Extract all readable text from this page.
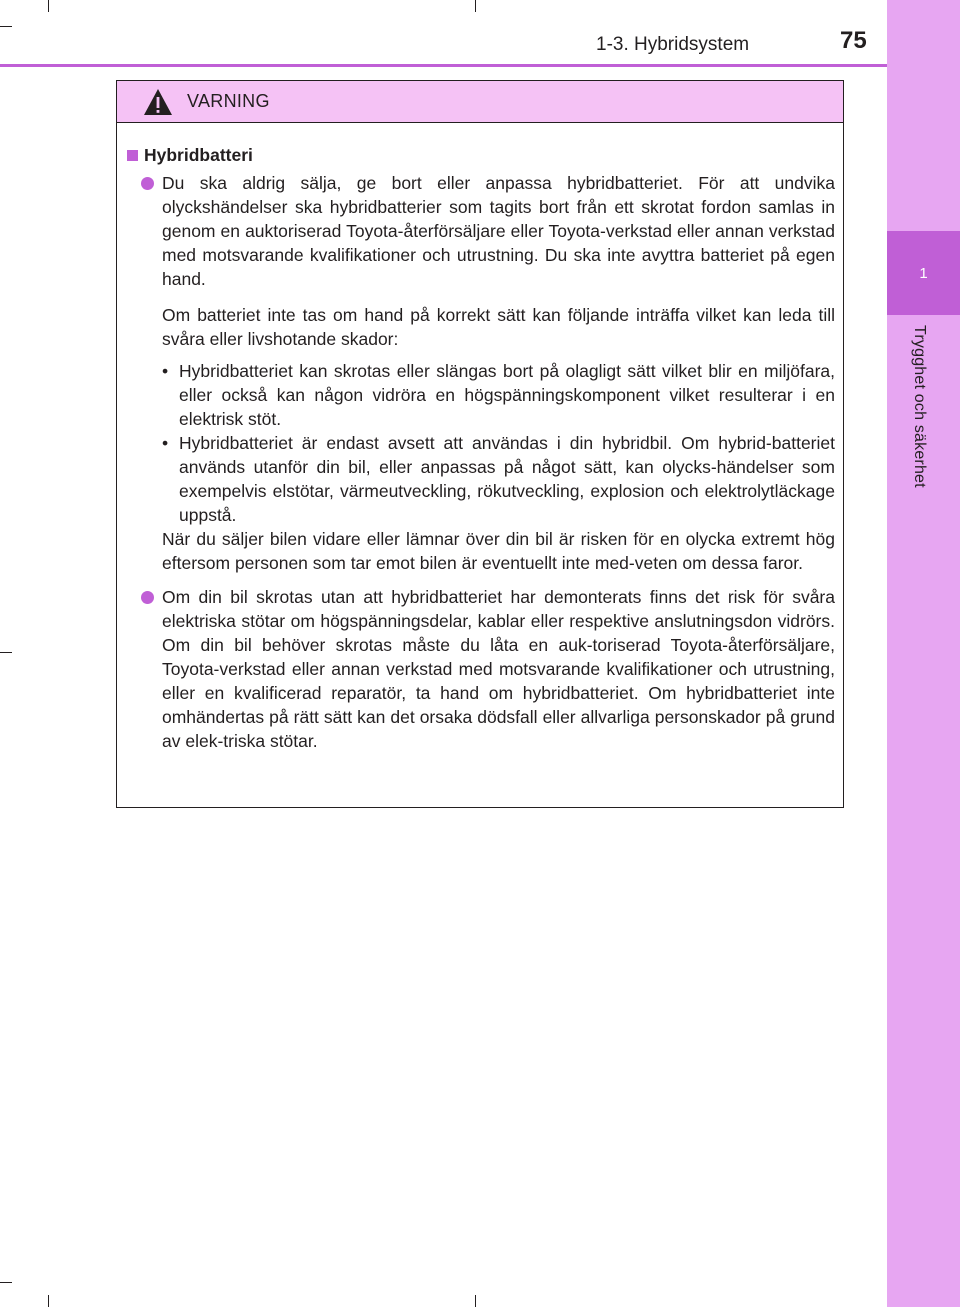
1
Trygghet och säkerhet
1-3. Hybridsystem	75
VARNING
Hybridbatteri

Du ska aldrig sälja, ge bort eller anpassa hybridbatteriet. För att undvika olyckshändelser ska hybridbatterier som tagits bort från ett skrotat fordon samlas in genom en auktoriserad Toyota-återförsäljare eller Toyota-verkstad eller annan verkstad med motsvarande kvalifikationer och utrustning. Du ska inte avyttra batteriet på egen hand.

Om batteriet inte tas om hand på korrekt sätt kan följande inträffa vilket kan leda till svåra eller livshotande skador:

• Hybridbatteriet kan skrotas eller slängas bort på olagligt sätt vilket blir en miljöfara, eller också kan någon vidröra en högspänningskomponent vilket resulterar i en elektrisk stöt.
• Hybridbatteriet är endast avsett att användas i din hybridbil. Om hybrid-batteriet används utanför din bil, eller anpassas på något sätt, kan olycks-händelser som exempelvis elstötar, värmeutveckling, rökutveckling, explosion och elektrolytläckage uppstå.

När du säljer bilen vidare eller lämnar över din bil är risken för en olycka extremt hög eftersom personen som tar emot bilen är eventuellt inte med-veten om dessa faror.

Om din bil skrotas utan att hybridbatteriet har demonterats finns det risk för svåra elektriska stötar om högspänningsdelar, kablar eller respektive anslutningsdon vidrörs. Om din bil behöver skrotas måste du låta en auk-toriserad Toyota-återförsäljare, Toyota-verkstad eller annan verkstad med motsvarande kvalifikationer och utrustning, eller en kvalificerad reparatör, ta hand om hybridbatteriet. Om hybridbatteriet inte omhändertas på rätt sätt kan det orsaka dödsfall eller allvarliga personskador på grund av elek-triska stötar.
